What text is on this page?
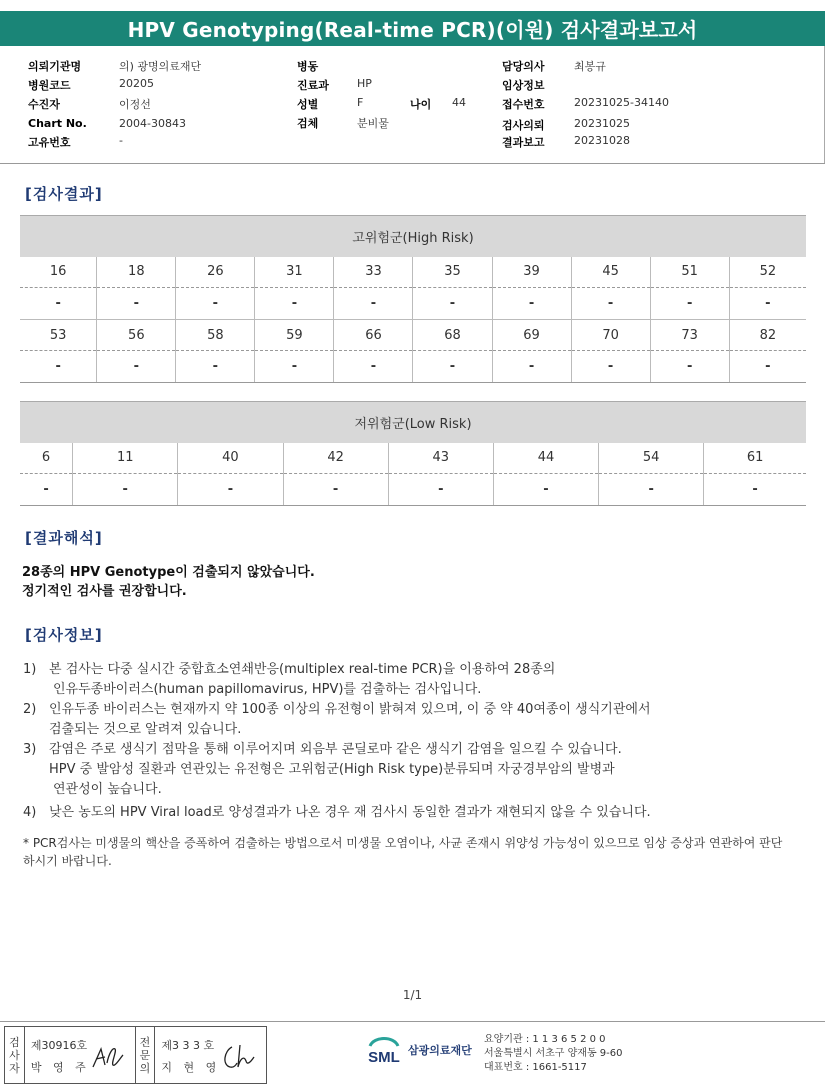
HPV Genotyping(Real-time PCR)(이원) 검사결과보고서
의뢰기관명	의) 광명의료재단
병원코드	20205
수진자	이정선
Chart No.	2004-30843
고유번호	-
병동
진료과	HP
성별	F	나이 44
검체	분비물
담당의사	최봉규
임상정보
접수번호	20231025-34140
검사의뢰	20231025
결과보고	20231028
[검사결과]
고위험군(High Risk)									
16	18	26	31	33	35	39	45	51	52
-	-	-	-	-	-	-	-	-	-
53	56	58	59	66	68	69	70	73	82
-	-	-	-	-	-	-	-	-	-
저위험군(Low Risk)							
6	11	40	42	43	44	54	61
-	-	-	-	-	-	-	-
[결과해석]
28종의 HPV Genotype이 검출되지 않았습니다.
정기적인 검사를 권장합니다.
[검사정보]
1) 본 검사는 다중 실시간 중합효소연쇄반응(multiplex real-time PCR)을 이용하여 28종의
인유두종바이러스(human papillomavirus, HPV)를 검출하는 검사입니다.
2) 인유두종 바이러스는 현재까지 약 100종 이상의 유전형이 밝혀져 있으며, 이 중 약 40여종이 생식기관에서
검출되는 것으로 알려져 있습니다.
3) 감염은 주로 생식기 점막을 통해 이루어지며 외음부 콘딜로마 같은 생식기 감염을 일으킬 수 있습니다.
HPV 중 발암성 질환과 연관있는 유전형은 고위험군(High Risk type)분류되며 자궁경부암의 발병과
연관성이 높습니다.
4) 낮은 농도의 HPV Viral load로 양성결과가 나온 경우 재 검사시 동일한 결과가 재현되지 않을 수 있습니다.
* PCR검사는 미생물의 핵산을 증폭하여 검출하는 방법으로서 미생물 오염이나, 사균 존재시 위양성 가능성이 있으므로 임상 증상과 연관하여 판단하시기 바랍니다.
1/1
검
사
자
제30916호
박 영 주
전
문
의
제3 3 3 호
지 현 영
SML 삼광의료재단
요양기관 : 1 1 3 6 5 2 0 0
서울특별시 서초구 양재동 9-60
대표번호 : 1661-5117
